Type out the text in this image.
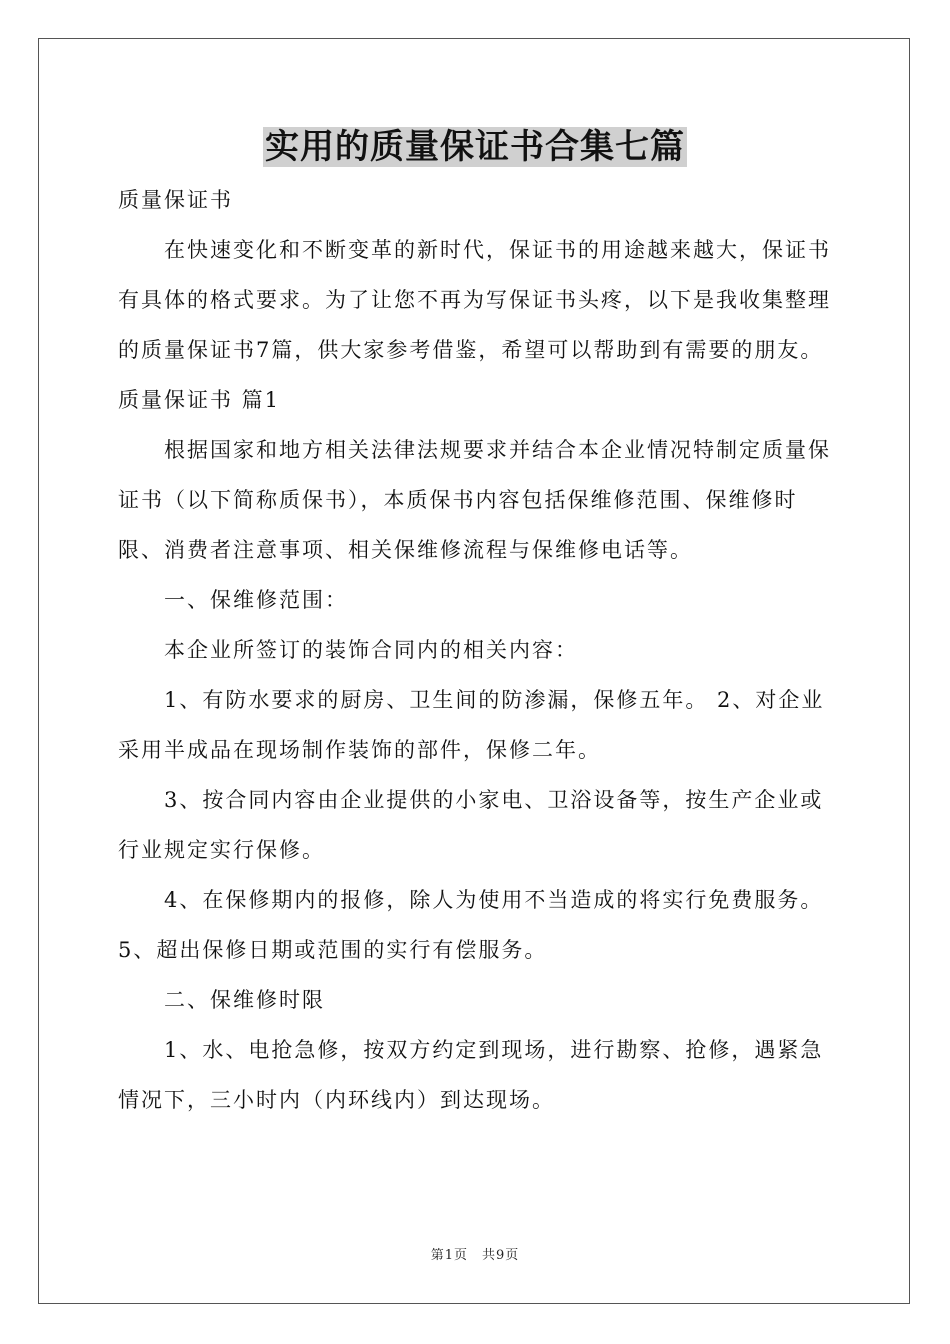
实用的质量保证书合集七篇

质量保证书

在快速变化和不断变革的新时代，保证书的用途越来越大，保证书有具体的格式要求。为了让您不再为写保证书头疼，以下是我收集整理的质量保证书7篇，供大家参考借鉴，希望可以帮助到有需要的朋友。

质量保证书 篇1

根据国家和地方相关法律法规要求并结合本企业情况特制定质量保证书（以下简称质保书），本质保书内容包括保维修范围、保维修时限、消费者注意事项、相关保维修流程与保维修电话等。

一、保维修范围：

本企业所签订的装饰合同内的相关内容：

1、有防水要求的厨房、卫生间的防渗漏，保修五年。 2、对企业采用半成品在现场制作装饰的部件，保修二年。

3、按合同内容由企业提供的小家电、卫浴设备等，按生产企业或行业规定实行保修。

4、在保修期内的报修，除人为使用不当造成的将实行免费服务。 5、超出保修日期或范围的实行有偿服务。

二、保维修时限

1、水、电抢急修，按双方约定到现场，进行勘察、抢修，遇紧急情况下，三小时内（内环线内）到达现场。

第1页　共9页
